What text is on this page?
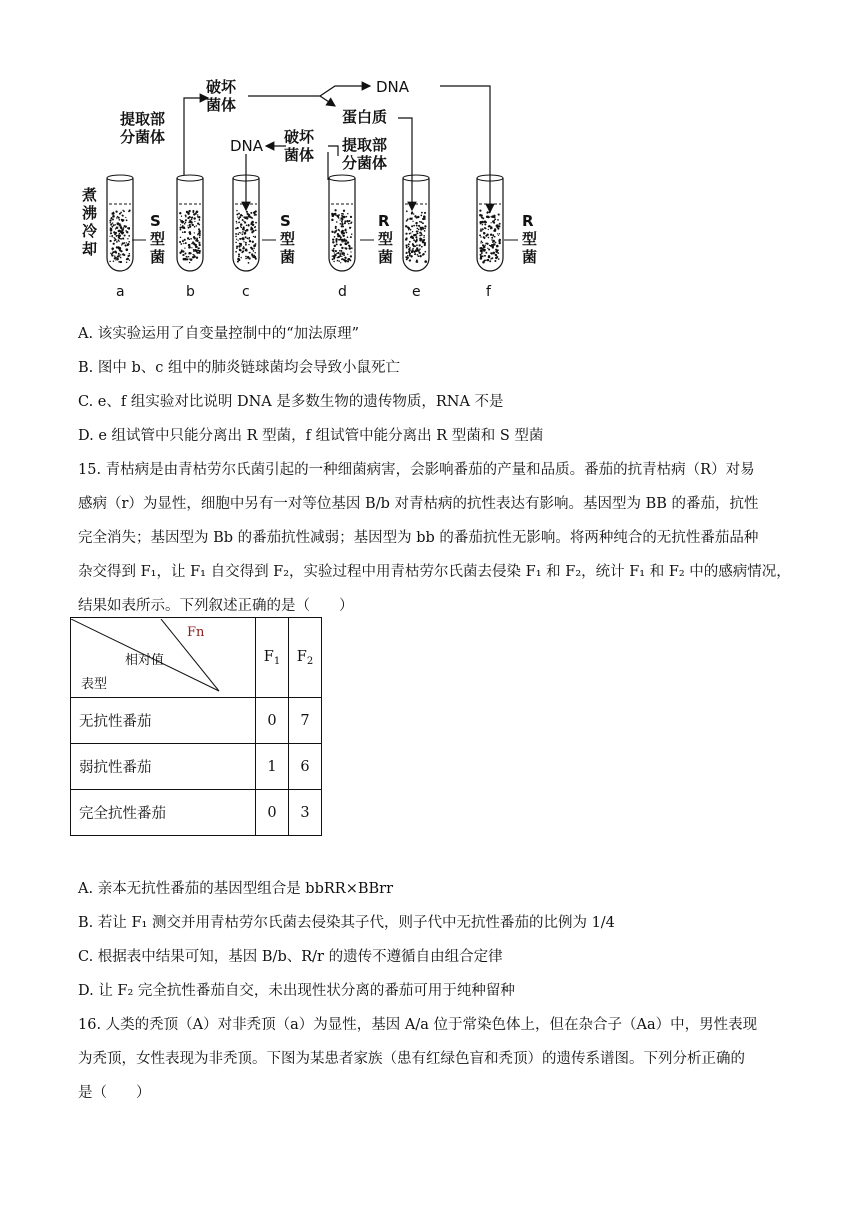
a	b	c	d	e	f
S
型
菌
S
型
菌
R
型
菌
R
型
菌
破坏
菌体
提取部
分菌体
DNA
蛋白质
DNA 破坏
菌体
提取部
分菌体
煮
沸
冷
却
A. 该实验运用了自变量控制中的“加法原理”
B. 图中 b、c 组中的肺炎链球菌均会导致小鼠死亡
C. e、f 组实验对比说明 DNA 是多数生物的遗传物质，RNA 不是
D. e 组试管中只能分离出 R 型菌，f 组试管中能分离出 R 型菌和 S 型菌
15. 青枯病是由青枯劳尔氏菌引起的一种细菌病害，会影响番茄的产量和品质。番茄的抗青枯病（R）对易
感病（r）为显性，细胞中另有一对等位基因 B/b 对青枯病的抗性表达有影响。基因型为 BB 的番茄，抗性
完全消失；基因型为 Bb 的番茄抗性减弱；基因型为 bb 的番茄抗性无影响。将两种纯合的无抗性番茄品种
杂交得到 F₁，让 F₁ 自交得到 F₂，实验过程中用青枯劳尔氏菌去侵染 F₁ 和 F₂，统计 F₁ 和 F₂ 中的感病情况，
结果如表所示。下列叙述正确的是（　　）
Fn
相对值
表型	$F_1$	$F_2$
无抗性番茄	0	7
弱抗性番茄	1	6
完全抗性番茄	0	3
A. 亲本无抗性番茄的基因型组合是 bbRR×BBrr
B. 若让 F₁ 测交并用青枯劳尔氏菌去侵染其子代，则子代中无抗性番茄的比例为 1/4
C. 根据表中结果可知，基因 B/b、R/r 的遗传不遵循自由组合定律
D. 让 F₂ 完全抗性番茄自交，未出现性状分离的番茄可用于纯种留种
16. 人类的秃顶（A）对非秃顶（a）为显性，基因 A/a 位于常染色体上，但在杂合子（Aa）中，男性表现
为秃顶，女性表现为非秃顶。下图为某患者家族（患有红绿色盲和秃顶）的遗传系谱图。下列分析正确的
是（　　）
